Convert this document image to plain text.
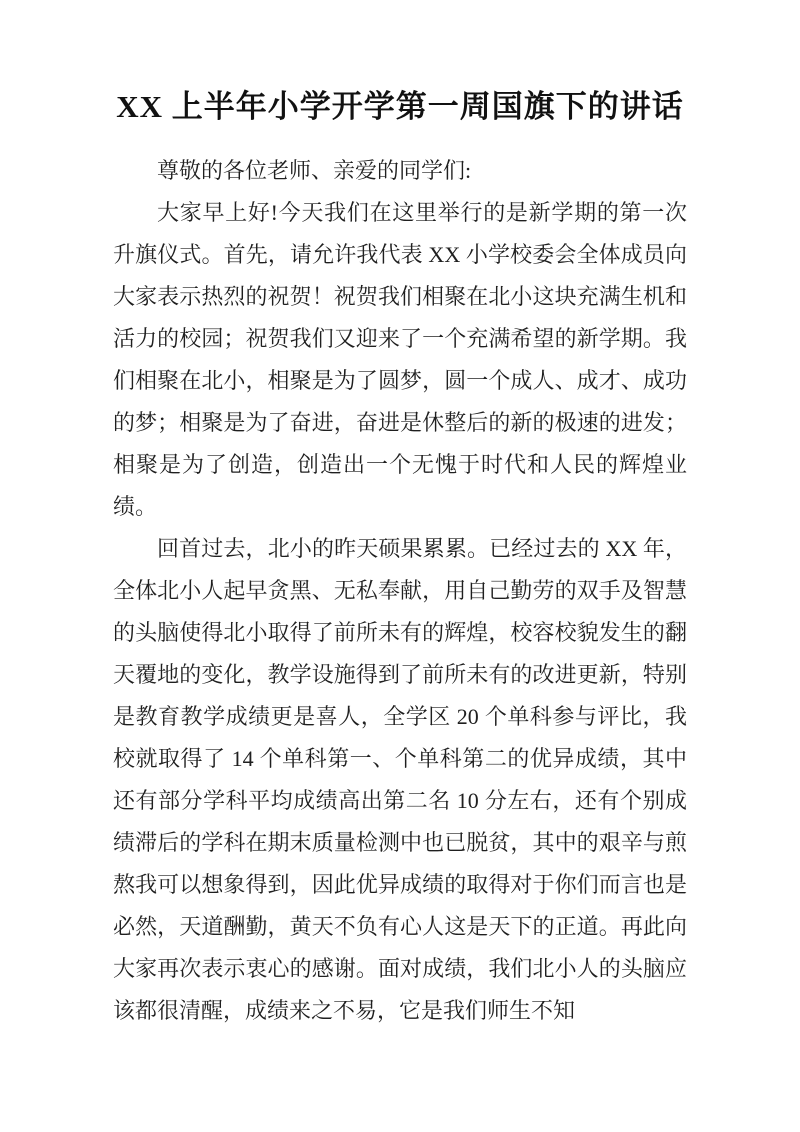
XX 上半年小学开学第一周国旗下的讲话

尊敬的各位老师、亲爱的同学们:

大家早上好!今天我们在这里举行的是新学期的第一次升旗仪式。首先，请允许我代表 XX 小学校委会全体成员向大家表示热烈的祝贺！祝贺我们相聚在北小这块充满生机和活力的校园；祝贺我们又迎来了一个充满希望的新学期。我们相聚在北小，相聚是为了圆梦，圆一个成人、成才、成功的梦；相聚是为了奋进，奋进是休整后的新的极速的进发；相聚是为了创造，创造出一个无愧于时代和人民的辉煌业绩。

回首过去，北小的昨天硕果累累。已经过去的 XX 年，全体北小人起早贪黑、无私奉献，用自己勤劳的双手及智慧的头脑使得北小取得了前所未有的辉煌，校容校貌发生的翻天覆地的变化，教学设施得到了前所未有的改进更新，特别是教育教学成绩更是喜人，全学区 20 个单科参与评比，我校就取得了 14 个单科第一、个单科第二的优异成绩，其中还有部分学科平均成绩高出第二名 10 分左右，还有个别成绩滞后的学科在期末质量检测中也已脱贫，其中的艰辛与煎熬我可以想象得到，因此优异成绩的取得对于你们而言也是必然，天道酬勤，黄天不负有心人这是天下的正道。再此向大家再次表示衷心的感谢。面对成绩，我们北小人的头脑应该都很清醒，成绩来之不易，它是我们师生不知
